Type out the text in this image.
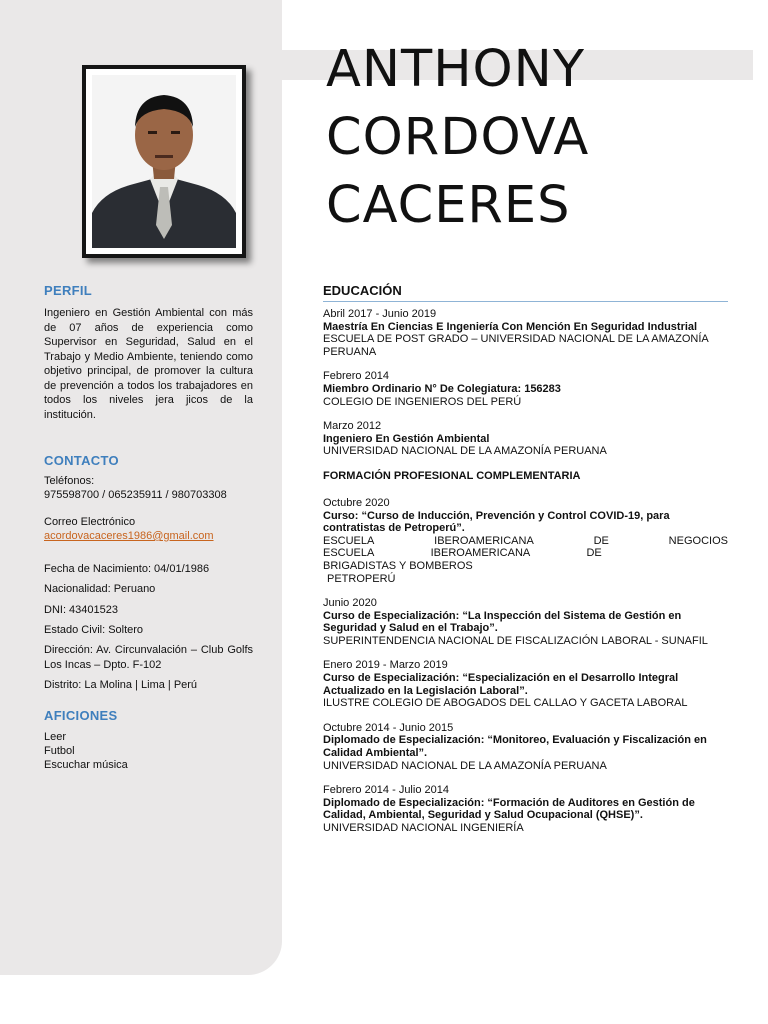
ANTHONY
CORDOVA
CACERES
PERFIL
Ingeniero en Gestión Ambiental con más de 07 años de experiencia como Supervisor en Seguridad, Salud en el Trabajo y Medio Ambiente, teniendo como objetivo principal, de promover la cultura de prevención a todos los trabajadores en todos los niveles jera jicos de la institución.
CONTACTO
Teléfonos:
975598700 / 065235911 / 980703308
Correo Electrónico
acordovacaceres1986@gmail.com
Fecha de Nacimiento: 04/01/1986
Nacionalidad: Peruano
DNI: 43401523
Estado Civil: Soltero
Dirección: Av. Circunvalación – Club Golfs Los Incas – Dpto. F-102
Distrito: La Molina | Lima | Perú
AFICIONES
Leer
Futbol
Escuchar música
EDUCACIÓN
Abril 2017 - Junio 2019
Maestría En Ciencias E Ingeniería Con Mención En Seguridad Industrial
ESCUELA DE POST GRADO – UNIVERSIDAD NACIONAL DE LA AMAZONÍA PERUANA
Febrero 2014
Miembro Ordinario N° De Colegiatura: 156283
COLEGIO DE INGENIEROS DEL PERÚ
Marzo 2012
Ingeniero En Gestión Ambiental
UNIVERSIDAD NACIONAL DE LA AMAZONÍA PERUANA
FORMACIÓN PROFESIONAL COMPLEMENTARIA
Octubre 2020
Curso: “Curso de Inducción, Prevención y Control COVID-19, para contratistas de Petroperú”.
ESCUELA	IBEROAMERICANA	DE	NEGOCIOS
ESCUELA	IBEROAMERICANA	DE
BRIGADISTAS Y BOMBEROS
PETROPERÚ
Junio 2020
Curso de Especialización: “La Inspección del Sistema de Gestión en Seguridad y Salud en el Trabajo”.
SUPERINTENDENCIA NACIONAL DE FISCALIZACIÓN LABORAL - SUNAFIL
Enero 2019 - Marzo 2019
Curso de Especialización: “Especialización en el Desarrollo Integral Actualizado en la Legislación Laboral”.
ILUSTRE COLEGIO DE ABOGADOS DEL CALLAO Y GACETA LABORAL
Octubre 2014 - Junio 2015
Diplomado de Especialización: “Monitoreo, Evaluación y Fiscalización en Calidad Ambiental”.
UNIVERSIDAD NACIONAL DE LA AMAZONÍA PERUANA
Febrero 2014 - Julio 2014
Diplomado de Especialización: “Formación de Auditores en Gestión de Calidad, Ambiental, Seguridad y Salud Ocupacional (QHSE)”.
UNIVERSIDAD NACIONAL INGENIERÍA
